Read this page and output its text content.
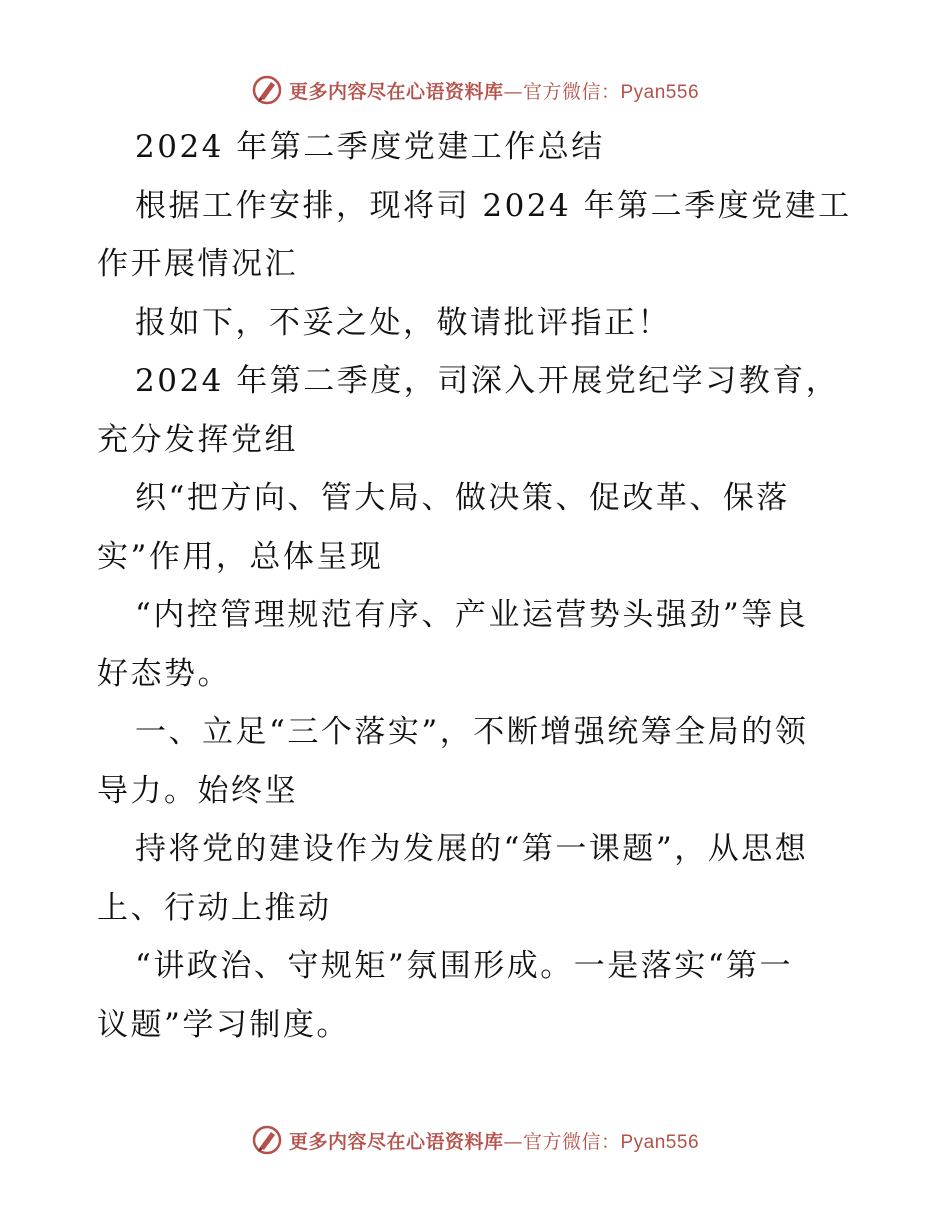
更多内容尽在心语资料库—官方微信：Pyan556
2024 年第二季度党建工作总结
根据工作安排，现将司 2024 年第二季度党建工
作开展情况汇
报如下，不妥之处，敬请批评指正！
2024 年第二季度，司深入开展党纪学习教育，
充分发挥党组
织“把方向、管大局、做决策、促改革、保落
实”作用，总体呈现
“内控管理规范有序、产业运营势头强劲”等良
好态势。
一、立足“三个落实”，不断增强统筹全局的领
导力。始终坚
持将党的建设作为发展的“第一课题”，从思想
上、行动上推动
“讲政治、守规矩”氛围形成。一是落实“第一
议题”学习制度。
更多内容尽在心语资料库—官方微信：Pyan556
